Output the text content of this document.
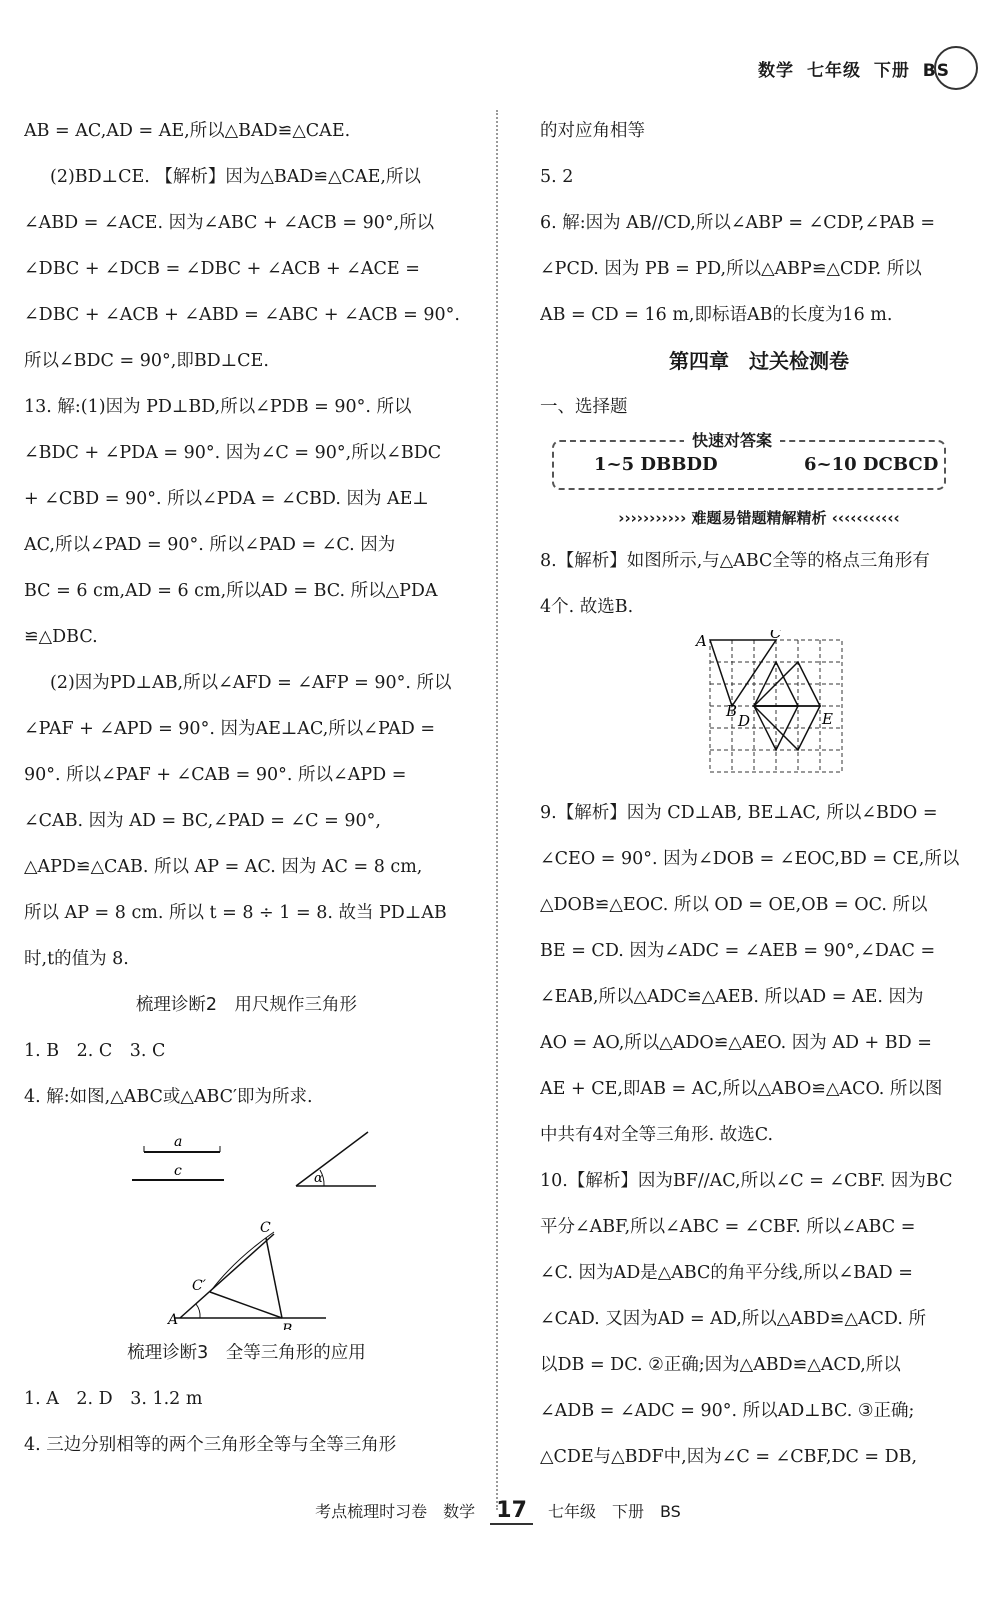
数学 七年级 下册 BS
AB = AC,AD = AE,所以△BAD≌△CAE.
(2)BD⊥CE. 【解析】因为△BAD≌△CAE,所以
∠ABD = ∠ACE. 因为∠ABC + ∠ACB = 90°,所以
∠DBC + ∠DCB = ∠DBC + ∠ACB + ∠ACE =
∠DBC + ∠ACB + ∠ABD = ∠ABC + ∠ACB = 90°.
所以∠BDC = 90°,即BD⊥CE.
13. 解:(1)因为 PD⊥BD,所以∠PDB = 90°. 所以
∠BDC + ∠PDA = 90°. 因为∠C = 90°,所以∠BDC
+ ∠CBD = 90°. 所以∠PDA = ∠CBD. 因为 AE⊥
AC,所以∠PAD = 90°. 所以∠PAD = ∠C. 因为
BC = 6 cm,AD = 6 cm,所以AD = BC. 所以△PDA
≌△DBC.
(2)因为PD⊥AB,所以∠AFD = ∠AFP = 90°. 所以
∠PAF + ∠APD = 90°. 因为AE⊥AC,所以∠PAD =
90°. 所以∠PAF + ∠CAB = 90°. 所以∠APD =
∠CAB. 因为 AD = BC,∠PAD = ∠C = 90°,
△APD≌△CAB. 所以 AP = AC. 因为 AC = 8 cm,
所以 AP = 8 cm. 所以 t = 8 ÷ 1 = 8. 故当 PD⊥AB
时,t的值为 8.
梳理诊断2　用尺规作三角形
1. B　2. C　3. C
4. 解:如图,△ABC或△ABC′即为所求.
a
c	α
A
B
C
C′
梳理诊断3　全等三角形的应用
1. A　2. D　3. 1.2 m
4. 三边分别相等的两个三角形全等与全等三角形
的对应角相等
5. 2
6. 解:因为 AB//CD,所以∠ABP = ∠CDP,∠PAB =
∠PCD. 因为 PB = PD,所以△ABP≌△CDP. 所以
AB = CD = 16 m,即标语AB的长度为16 m.
第四章　过关检测卷
一、选择题
快速对答案
1~5 DBBDD	6~10 DCBCD
››››››››››› 难题易错题精解精析 ‹‹‹‹‹‹‹‹‹‹‹
8.【解析】如图所示,与△ABC全等的格点三角形有
4个. 故选B.
A	C
B
D	E
9.【解析】因为 CD⊥AB, BE⊥AC, 所以∠BDO =
∠CEO = 90°. 因为∠DOB = ∠EOC,BD = CE,所以
△DOB≌△EOC. 所以 OD = OE,OB = OC. 所以
BE = CD. 因为∠ADC = ∠AEB = 90°,∠DAC =
∠EAB,所以△ADC≌△AEB. 所以AD = AE. 因为
AO = AO,所以△ADO≌△AEO. 因为 AD + BD =
AE + CE,即AB = AC,所以△ABO≌△ACO. 所以图
中共有4对全等三角形. 故选C.
10.【解析】因为BF//AC,所以∠C = ∠CBF. 因为BC
平分∠ABF,所以∠ABC = ∠CBF. 所以∠ABC =
∠C. 因为AD是△ABC的角平分线,所以∠BAD =
∠CAD. 又因为AD = AD,所以△ABD≌△ACD. 所
以DB = DC. ②正确;因为△ABD≌△ACD,所以
∠ADB = ∠ADC = 90°. 所以AD⊥BC. ③正确;
△CDE与△BDF中,因为∠C = ∠CBF,DC = DB,
考点梳理时习卷　数学 17 七年级　下册　BS
